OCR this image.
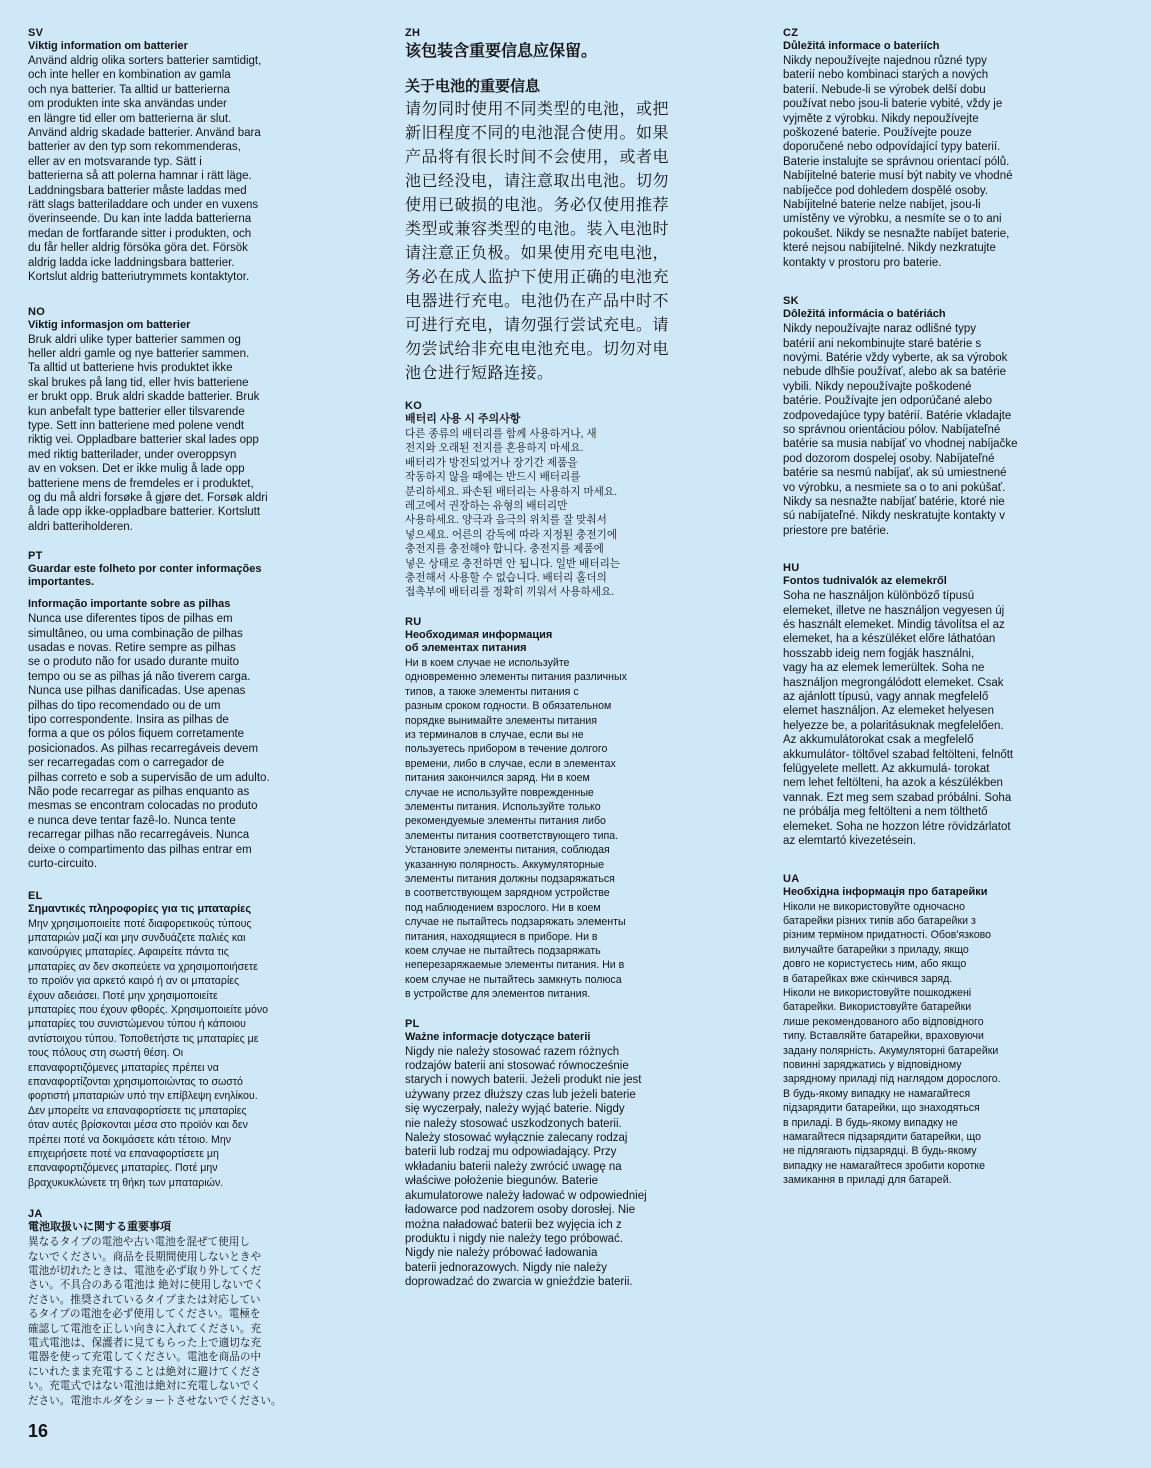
SV
Viktig information om batterier
Använd aldrig olika sorters batterier samtidigt,
och inte heller en kombination av gamla
och nya batterier. Ta alltid ur batterierna
om produkten inte ska användas under
en längre tid eller om batterierna är slut.
Använd aldrig skadade batterier. Använd bara
batterier av den typ som rekommenderas,
eller av en motsvarande typ. Sätt i
batterierna så att polerna hamnar i rätt läge.
Laddningsbara batterier måste laddas med
rätt slags batteriladdare och under en vuxens
överinseende. Du kan inte ladda batterierna
medan de fortfarande sitter i produkten, och
du får heller aldrig försöka göra det. Försök
aldrig ladda icke laddningsbara batterier.
Kortslut aldrig batteriutrymmets kontaktytor.
NO
Viktig informasjon om batterier
Bruk aldri ulike typer batterier sammen og
heller aldri gamle og nye batterier sammen.
Ta alltid ut batteriene hvis produktet ikke
skal brukes på lang tid, eller hvis batteriene
er brukt opp. Bruk aldri skadde batterier. Bruk
kun anbefalt type batterier eller tilsvarende
type. Sett inn batteriene med polene vendt
riktig vei. Oppladbare batterier skal lades opp
med riktig batterilader, under overoppsyn
av en voksen. Det er ikke mulig å lade opp
batteriene mens de fremdeles er i produktet,
og du må aldri forsøke å gjøre det. Forsøk aldri
å lade opp ikke-oppladbare batterier. Kortslutt
aldri batteriholderen.
PT
Guardar este folheto por conter informações
importantes.
Informação importante sobre as pilhas
Nunca use diferentes tipos de pilhas em
simultâneo, ou uma combinação de pilhas
usadas e novas. Retire sempre as pilhas
se o produto não for usado durante muito
tempo ou se as pilhas já não tiverem carga.
Nunca use pilhas danificadas. Use apenas
pilhas do tipo recomendado ou de um
tipo correspondente. Insira as pilhas de
forma a que os pólos fiquem corretamente
posicionados. As pilhas recarregáveis devem
ser recarregadas com o carregador de
pilhas correto e sob a supervisão de um adulto.
Não pode recarregar as pilhas enquanto as
mesmas se encontram colocadas no produto
e nunca deve tentar fazê-lo. Nunca tente
recarregar pilhas não recarregáveis. Nunca
deixe o compartimento das pilhas entrar em
curto-circuito.
EL
Σημαντικές πληροφορίες για τις μπαταρίες
Μην χρησιμοποιείτε ποτέ διαφορετικούς τύπους
μπαταριών μαζί και μην συνδυάζετε παλιές και
καινούργιες μπαταρίες. Αφαιρείτε πάντα τις
μπαταρίες αν δεν σκοπεύετε να χρησιμοποιήσετε
το προϊόν για αρκετό καιρό ή αν οι μπαταρίες
έχουν αδειάσει. Ποτέ μην χρησιμοποιείτε
μπαταρίες που έχουν φθορές. Χρησιμοποιείτε μόνο
μπαταρίες του συνιστώμενου τύπου ή κάποιου
αντίστοιχου τύπου. Τοποθετήστε τις μπαταρίες με
τους πόλους στη σωστή θέση. Οι
επαναφορτιζόμενες μπαταρίες πρέπει να
επαναφορτίζονται χρησιμοποιώντας το σωστό
φορτιστή μπαταριών υπό την επίβλεψη ενηλίκου.
Δεν μπορείτε να επαναφορτίσετε τις μπαταρίες
όταν αυτές βρίσκονται μέσα στο προϊόν και δεν
πρέπει ποτέ να δοκιμάσετε κάτι τέτοιο. Μην
επιχειρήσετε ποτέ να επαναφορτίσετε μη
επαναφορτιζόμενες μπαταρίες. Ποτέ μην
βραχυκυκλώνετε τη θήκη των μπαταριών.
JA
電池取扱いに関する重要事項
異なるタイプの電池や古い電池を混ぜて使用し
ないでください。商品を長期間使用しないときや
電池が切れたときは、電池を必ず取り外してくだ
さい。不具合のある電池は 絶対に使用しないでく
ださい。推奨されているタイプまたは対応してい
るタイプの電池を必ず使用してください。電極を
確認して電池を正しい向きに入れてください。充
電式電池は、保護者に見てもらった上で適切な充
電器を使って充電してください。電池を商品の中
にいれたまま充電することは絶対に避けてくださ
い。充電式ではない電池は絶対に充電しないでく
ださい。電池ホルダをショートさせないでください。
ZH
该包装含重要信息应保留。
关于电池的重要信息
请勿同时使用不同类型的电池，或把
新旧程度不同的电池混合使用。如果
产品将有很长时间不会使用，或者电
池已经没电，请注意取出电池。切勿
使用已破损的电池。务必仅使用推荐
类型或兼容类型的电池。装入电池时
请注意正负极。如果使用充电电池，
务必在成人监护下使用正确的电池充
电器进行充电。电池仍在产品中时不
可进行充电，请勿强行尝试充电。请
勿尝试给非充电电池充电。切勿对电
池仓进行短路连接。
KO
배터리 사용 시 주의사항
다른 종류의 배터리를 함께 사용하거나, 새
전지와 오래된 전지를 혼용하지 마세요.
배터리가 방전되었거나 장기간 제품을
작동하지 않을 때에는 반드시 배터리를
분리하세요. 파손된 배터리는 사용하지 마세요.
레고에서 권장하는 유형의 배터리만
사용하세요. 양극과 음극의 위치를 잘 맞춰서
넣으세요. 어른의 감독에 따라 지정된 충전기에
충전지를 충전해야 합니다. 충전지를 제품에
넣은 상태로 충전하면 안 됩니다. 일반 배터리는
충전해서 사용할 수 없습니다. 배터리 홀더의
접촉부에 배터리를 정확히 끼워서 사용하세요.
RU
Необходимая информация
об элементах питания
Ни в коем случае не используйте
одновременно элементы питания различных
типов, а также элементы питания с
разным сроком годности. В обязательном
порядке вынимайте элементы питания
из терминалов в случае, если вы не
пользуетесь прибором в течение долгого
времени, либо в случае, если в элементах
питания закончился заряд. Ни в коем
случае не используйте поврежденные
элементы питания. Используйте только
рекомендуемые элементы питания либо
элементы питания соответствующего типа.
Установите элементы питания, соблюдая
указанную полярность. Аккумуляторные
элементы питания должны подзаряжаться
в соответствующем зарядном устройстве
под наблюдением взрослого. Ни в коем
случае не пытайтесь подзаряжать элементы
питания, находящиеся в приборе. Ни в
коем случае не пытайтесь подзаряжать
неперезаряжаемые элементы питания. Ни в
коем случае не пытайтесь замкнуть полюса
в устройстве для элементов питания.
PL
Ważne informacje dotyczące baterii
Nigdy nie należy stosować razem różnych
rodzajów baterii ani stosować równocześnie
starych i nowych baterii. Jeżeli produkt nie jest
używany przez dłuższy czas lub jeżeli baterie
się wyczerpały, należy wyjąć baterie. Nigdy
nie należy stosować uszkodzonych baterii.
Należy stosować wyłącznie zalecany rodzaj
baterii lub rodzaj mu odpowiadający. Przy
wkładaniu baterii należy zwrócić uwagę na
właściwe położenie biegunów. Baterie
akumulatorowe należy ładować w odpowiedniej
ładowarce pod nadzorem osoby dorosłej. Nie
można naładować baterii bez wyjęcia ich z
produktu i nigdy nie należy tego próbować.
Nigdy nie należy próbować ładowania
baterii jednorazowych. Nigdy nie należy
doprowadzać do zwarcia w gnieździe baterii.
CZ
Důležitá informace o bateriích
Nikdy nepoužívejte najednou různé typy
baterií nebo kombinaci starých a nových
baterií. Nebude-li se výrobek delší dobu
používat nebo jsou-li baterie vybité, vždy je
vyjměte z výrobku. Nikdy nepoužívejte
poškozené baterie. Používejte pouze
doporučené nebo odpovídající typy baterií.
Baterie instalujte se správnou orientací pólů.
Nabíjitelné baterie musí být nabity ve vhodné
nabíječce pod dohledem dospělé osoby.
Nabíjitelné baterie nelze nabíjet, jsou-li
umístěny ve výrobku, a nesmíte se o to ani
pokoušet. Nikdy se nesnažte nabíjet baterie,
které nejsou nabíjitelné. Nikdy nezkratujte
kontakty v prostoru pro baterie.
SK
Dôležitá informácia o batériách
Nikdy nepoužívajte naraz odlišné typy
batérií ani nekombinujte staré batérie s
novými. Batérie vždy vyberte, ak sa výrobok
nebude dlhšie používať, alebo ak sa batérie
vybili. Nikdy nepoužívajte poškodené
batérie. Používajte jen odporúčané alebo
zodpovedajúce typy batérií. Batérie vkladajte
so správnou orientáciou pólov. Nabíjateľné
batérie sa musia nabíjať vo vhodnej nabíjačke
pod dozorom dospelej osoby. Nabíjateľné
batérie sa nesmú nabíjať, ak sú umiestnené
vo výrobku, a nesmiete sa o to ani pokúšať.
Nikdy sa nesnažte nabíjať batérie, ktoré nie
sú nabíjateľné. Nikdy neskratujte kontakty v
priestore pre batérie.
HU
Fontos tudnivalók az elemekről
Soha ne használjon különböző típusú
elemeket, illetve ne használjon vegyesen új
és használt elemeket. Mindig távolítsa el az
elemeket, ha a készüléket előre láthatóan
hosszabb ideig nem fogják használni,
vagy ha az elemek lemerültek. Soha ne
használjon megrongálódott elemeket. Csak
az ajánlott típusú, vagy annak megfelelő
elemet használjon. Az elemeket helyesen
helyezze be, a polaritásuknak megfelelően.
Az akkumulátorokat csak a megfelelő
akkumulátor- töltővel szabad feltölteni, felnőtt
felügyelete mellett. Az akkumulá- torokat
nem lehet feltölteni, ha azok a készülékben
vannak. Ezt meg sem szabad próbálni. Soha
ne próbálja meg feltölteni a nem tölthető
elemeket. Soha ne hozzon létre rövidzárlatot
az elemtartó kivezetésein.
UA
Необхідна інформація про батарейки
Ніколи не використовуйте одночасно
батарейки різних типів або батарейки з
різним терміном придатності. Обов'язково
вилучайте батарейки з приладу, якщо
довго не користуєтесь ним, або якщо
в батарейках вже скінчився заряд.
Ніколи не використовуйте пошкоджені
батарейки. Використовуйте батарейки
лише рекомендованого або відповідного
типу. Вставляйте батарейки, враховуючи
задану полярність. Акумуляторні батарейки
повинні заряджатись у відповідному
зарядному приладі під наглядом дорослого.
В будь-якому випадку не намагайтеся
підзарядити батарейки, що знаходяться
в приладі. В будь-якому випадку не
намагайтеся підзарядити батарейки, що
не підлягають підзарядці. В будь-якому
випадку не намагайтеся зробити коротке
замикання в приладі для батарей.
16
